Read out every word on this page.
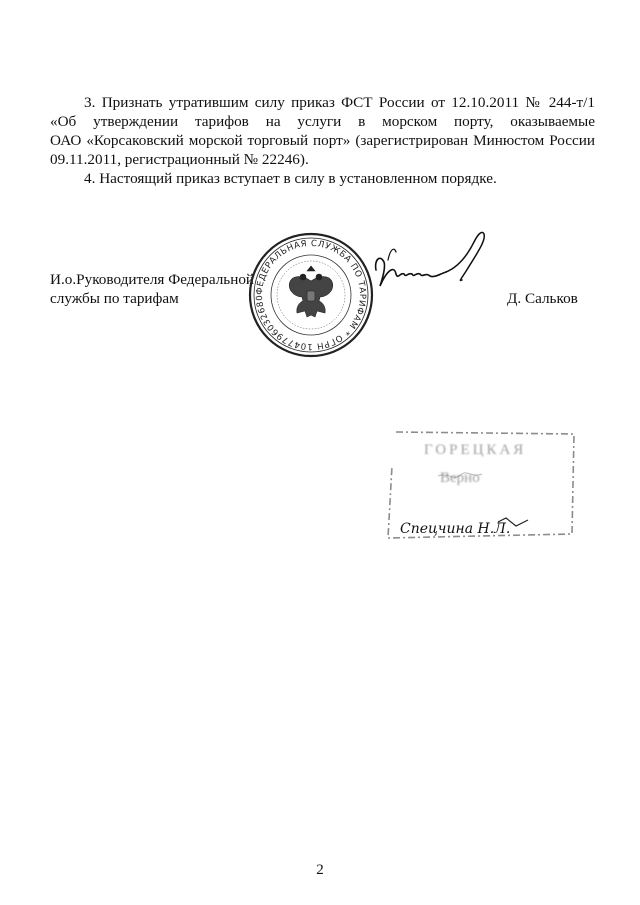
3. Признать утратившим силу приказ ФСТ России от 12.10.2011 № 244-т/1
«Об утверждении тарифов на услуги в морском порту, оказываемые
ОАО «Корсаковский морской торговый порт» (зарегистрирован Минюстом России
09.11.2011, регистрационный № 22246).
4. Настоящий приказ вступает в силу в установленном порядке.
И.о.Руководителя Федеральной
службы по тарифам	Д. Сальков
ФЕДЕРАЛЬНАЯ СЛУЖБА ПО ТАРИФАМ * ОГРН 1047796032680
ГОРЕЦКАЯ
Верно
Спецчина Н.Л.
2
